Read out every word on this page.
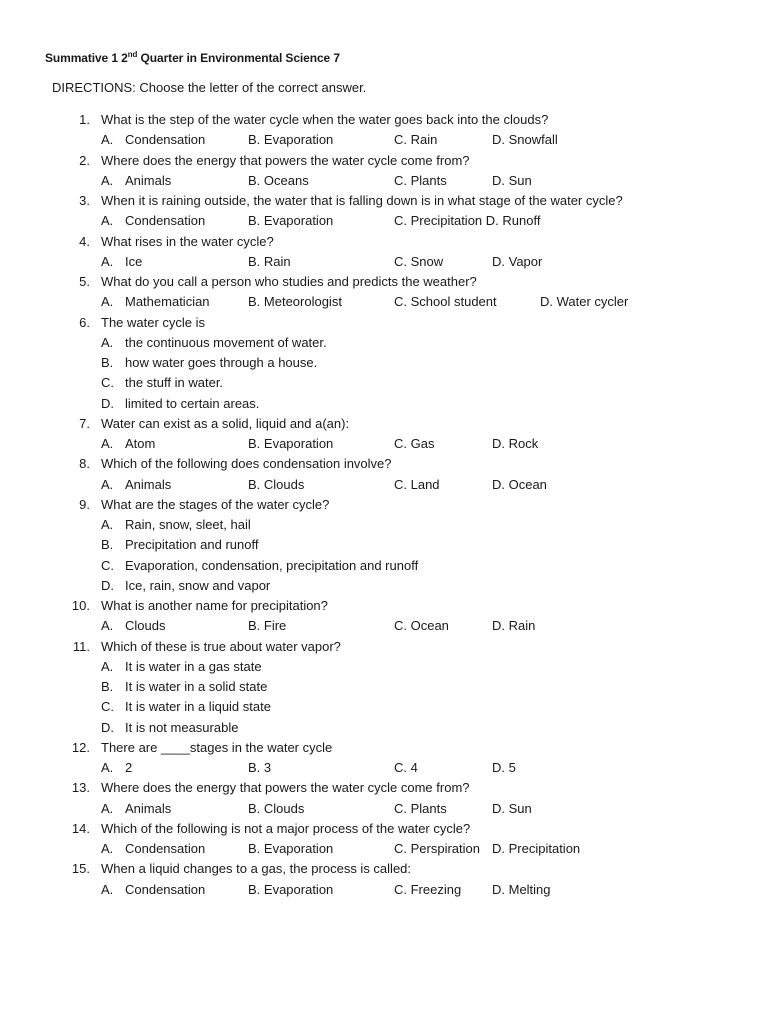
Summative 1 2nd Quarter in Environmental Science 7
DIRECTIONS: Choose the letter of the correct answer.
1. What is the step of the water cycle when the water goes back into the clouds?
A. Condensation	B. Evaporation	C. Rain	D. Snowfall
2. Where does the energy that powers the water cycle come from?
A. Animals	B. Oceans	C. Plants	D. Sun
3. When it is raining outside, the water that is falling down is in what stage of the water cycle?
A. Condensation	B. Evaporation	C. Precipitation D. Runoff
4. What rises in the water cycle?
A. Ice	B. Rain	C. Snow	D. Vapor
5. What do you call a person who studies and predicts the weather?
A. Mathematician	B. Meteorologist	C. School student	D. Water cycler
6. The water cycle is
A. the continuous movement of water.
B. how water goes through a house.
C. the stuff in water.
D. limited to certain areas.
7. Water can exist as a solid, liquid and a(an):
A. Atom	B. Evaporation	C. Gas	D. Rock
8. Which of the following does condensation involve?
A. Animals	B. Clouds	C. Land	D. Ocean
9. What are the stages of the water cycle?
A. Rain, snow, sleet, hail
B. Precipitation and runoff
C. Evaporation, condensation, precipitation and runoff
D. Ice, rain, snow and vapor
10. What is another name for precipitation?
A. Clouds	B. Fire	C. Ocean	D. Rain
11. Which of these is true about water vapor?
A. It is water in a gas state
B. It is water in a solid state
C. It is water in a liquid state
D. It is not measurable
12. There are ____stages in the water cycle
A. 2	B. 3	C. 4	D. 5
13. Where does the energy that powers the water cycle come from?
A. Animals	B. Clouds	C. Plants	D. Sun
14. Which of the following is not a major process of the water cycle?
A. Condensation	B. Evaporation	C. Perspiration D. Precipitation
15. When a liquid changes to a gas, the process is called:
A. Condensation	B. Evaporation	C. Freezing D. Melting
